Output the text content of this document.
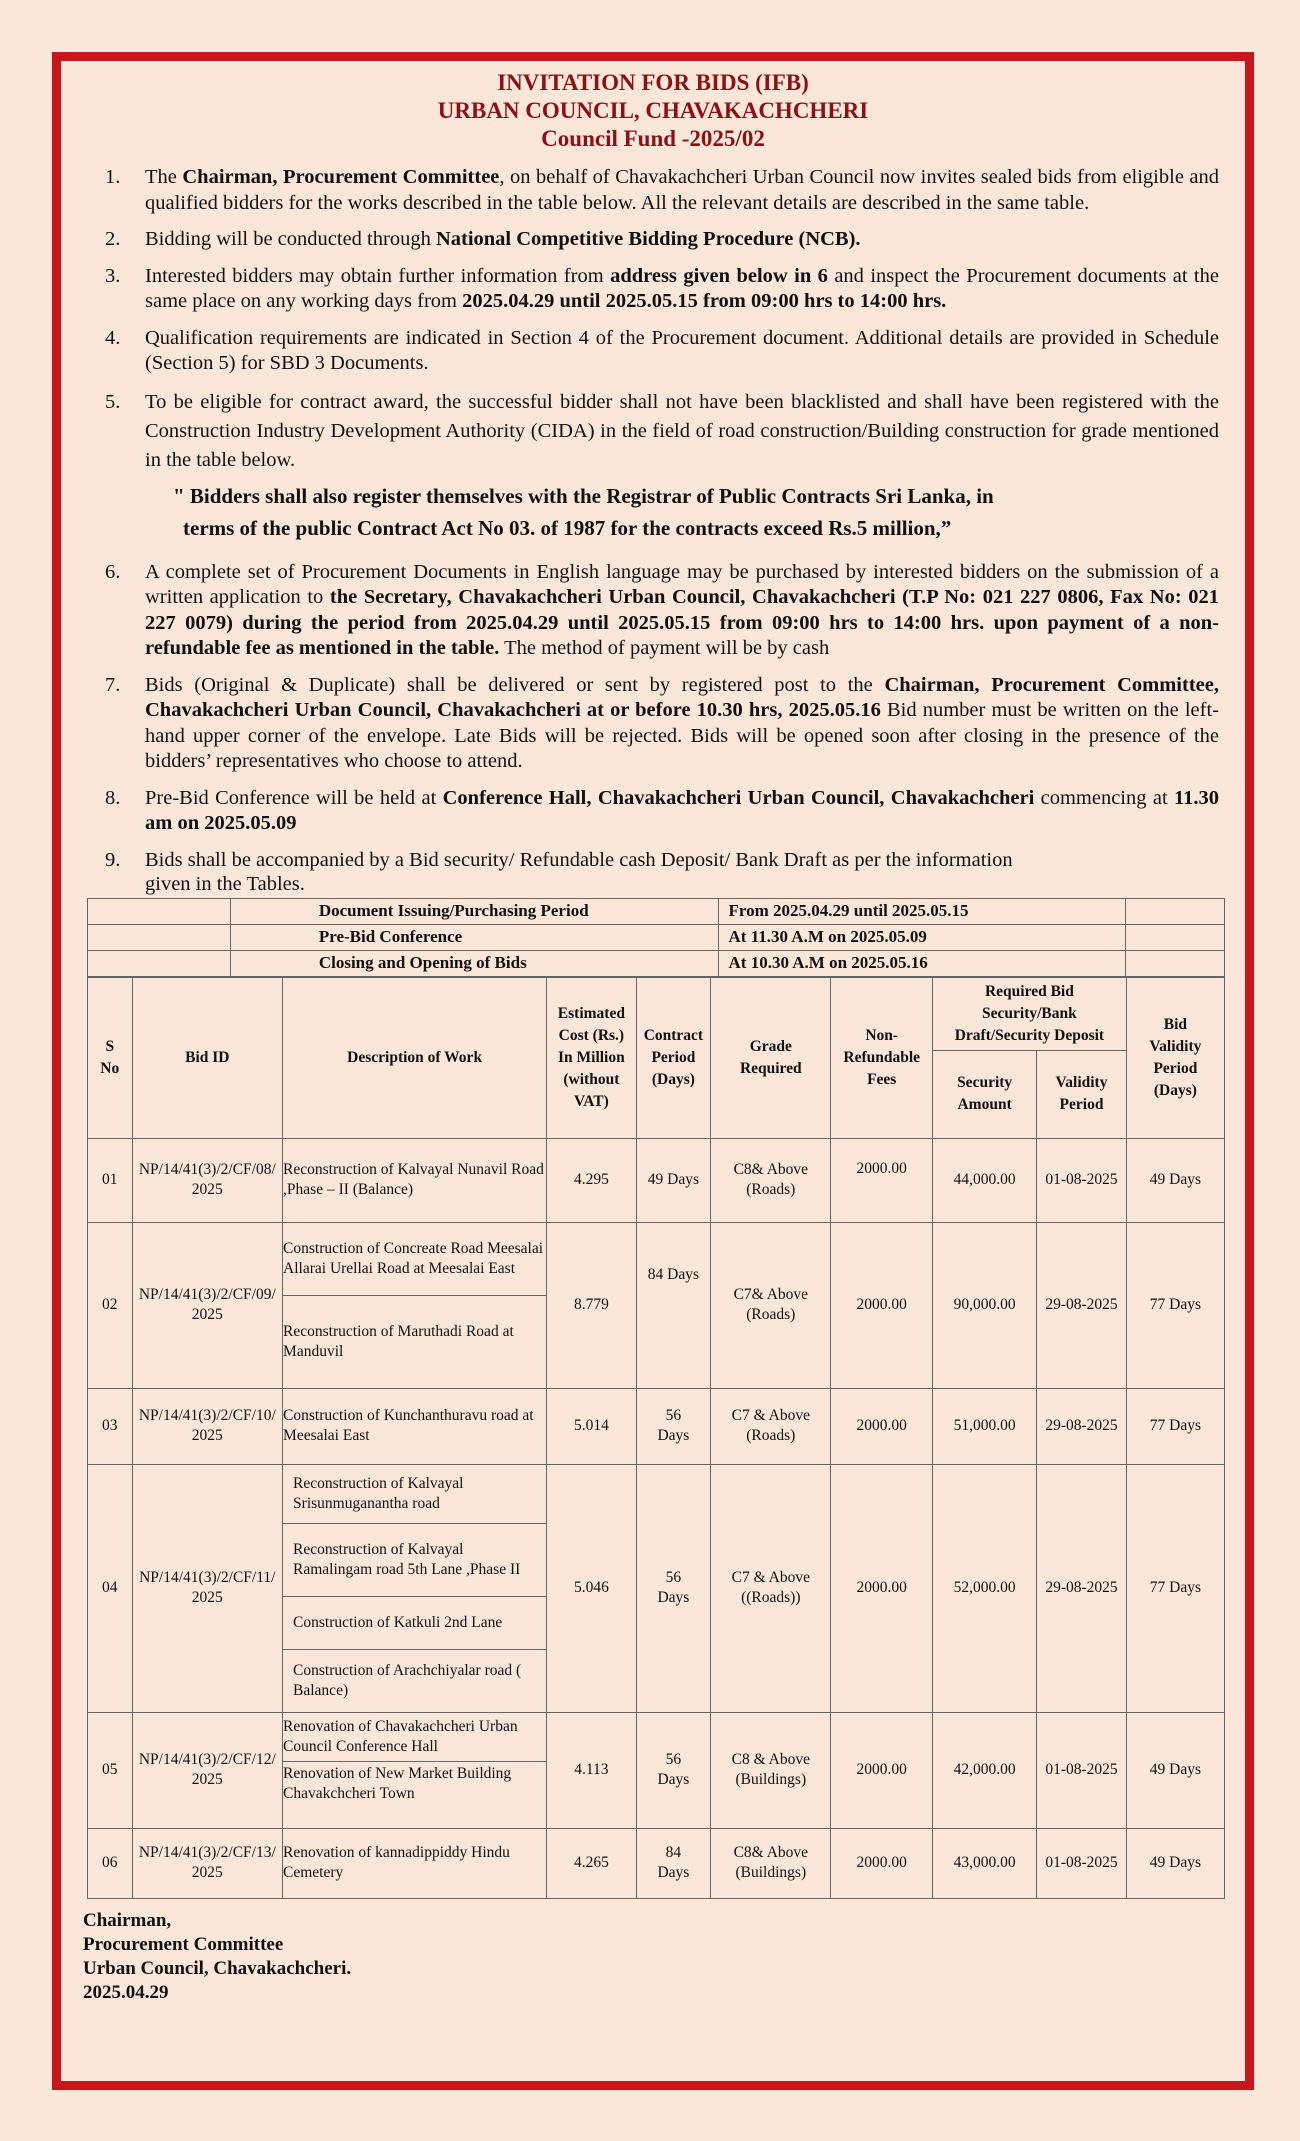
INVITATION FOR BIDS (IFB)
URBAN COUNCIL, CHAVAKACHCHERI
Council Fund -2025/02
1.	The Chairman, Procurement Committee, on behalf of Chavakachcheri Urban Council now invites sealed bids from eligible and qualified bidders for the works described in the table below. All the relevant details are described in the same table.
2.	Bidding will be conducted through National Competitive Bidding Procedure (NCB).
3.	Interested bidders may obtain further information from address given below in 6 and inspect the Procurement documents at the same place on any working days from 2025.04.29 until 2025.05.15 from 09:00 hrs to 14:00 hrs.
4.	Qualification requirements are indicated in Section 4 of the Procurement document. Additional details are provided in Schedule (Section 5) for SBD 3 Documents.
5.	To be eligible for contract award, the successful bidder shall not have been blacklisted and shall have been registered with the Construction Industry Development Authority (CIDA) in the field of road construction/Building construction for grade mentioned in the table below.
" Bidders shall also register themselves with the Registrar of Public Contracts Sri Lanka, in
terms of the public Contract Act No 03. of 1987 for the contracts exceed Rs.5 million,”
6.	A complete set of Procurement Documents in English language may be purchased by interested bidders on the submission of a written application to the Secretary, Chavakachcheri Urban Council, Chavakachcheri (T.P No: 021 227 0806, Fax No: 021 227 0079) during the period from 2025.04.29 until 2025.05.15 from 09:00 hrs to 14:00 hrs. upon payment of a non-refundable fee as mentioned in the table. The method of payment will be by cash
7.	Bids (Original & Duplicate) shall be delivered or sent by registered post to the Chairman, Procurement Committee, Chavakachcheri Urban Council, Chavakachcheri at or before 10.30 hrs, 2025.05.16 Bid number must be written on the left-hand upper corner of the envelope. Late Bids will be rejected. Bids will be opened soon after closing in the presence of the bidders’ representatives who choose to attend.
8.	Pre-Bid Conference will be held at Conference Hall, Chavakachcheri Urban Council, Chavakachcheri commencing at 11.30 am on 2025.05.09
9.	Bids shall be accompanied by a Bid security/ Refundable cash Deposit/ Bank Draft as per the information given in the Tables.
	Document Issuing/Purchasing Period	From 2025.04.29 until 2025.05.15	
	Pre-Bid Conference	At 11.30 A.M on 2025.05.09	
	Closing and Opening of Bids	At 10.30 A.M on 2025.05.16	
S No	Bid ID	Description of Work	Estimated Cost (Rs.) In Million (without VAT)	Contract Period (Days)	Grade Required	Non-Refundable Fees	Required Bid Security/Bank Draft/Security Deposit		Bid Validity Period (Days)
							Security Amount	Validity Period	
01	NP/14/41(3)/2/CF/08/ 2025	Reconstruction of Kalvayal Nunavil Road ,Phase – II (Balance)	4.295	49 Days	C8& Above (Roads)	2000.00	44,000.00	01-08-2025	49 Days
02	NP/14/41(3)/2/CF/09/ 2025	Construction of Concreate Road Meesalai Allarai Urellai Road at Meesalai East
Reconstruction of Maruthadi Road at Manduvil	8.779	84 Days	C7& Above (Roads)	2000.00	90,000.00	29-08-2025	77 Days
03	NP/14/41(3)/2/CF/10/ 2025	Construction of Kunchanthuravu road at Meesalai East	5.014	56 Days	C7 & Above (Roads)	2000.00	51,000.00	29-08-2025	77 Days
04	NP/14/41(3)/2/CF/11/ 2025	Reconstruction of Kalvayal Srisunmuganantha road
Reconstruction of Kalvayal Ramalingam road 5th Lane ,Phase II
Construction of Katkuli 2nd Lane
Construction of Arachchiyalar road ( Balance)	5.046	56 Days	C7 & Above ((Roads))	2000.00	52,000.00	29-08-2025	77 Days
05	NP/14/41(3)/2/CF/12/ 2025	Renovation of Chavakachcheri Urban Council Conference Hall
Renovation of New Market Building Chavakchcheri Town	4.113	56 Days	C8 & Above (Buildings)	2000.00	42,000.00	01-08-2025	49 Days
06	NP/14/41(3)/2/CF/13/ 2025	Renovation of kannadippiddy Hindu Cemetery	4.265	84 Days	C8& Above (Buildings)	2000.00	43,000.00	01-08-2025	49 Days
Chairman,
Procurement Committee
Urban Council, Chavakachcheri.
2025.04.29
